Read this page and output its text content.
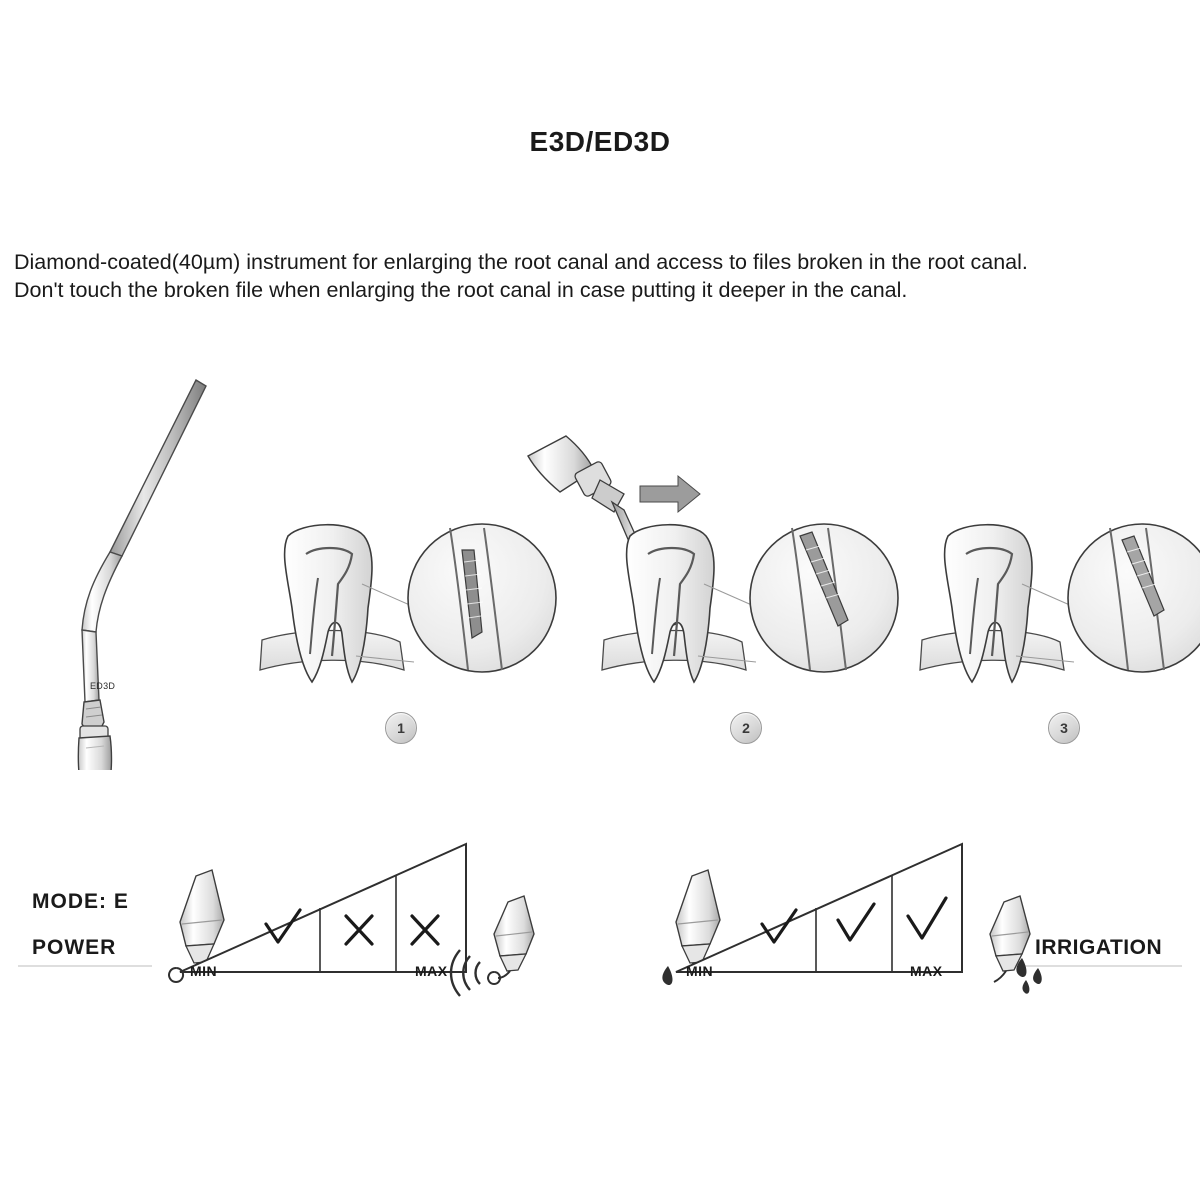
E3D/ED3D

Diamond-coated(40µm) instrument for enlarging the root canal and access to files broken in the root canal.

Don't touch the broken file when enlarging the root canal in case putting it deeper in the canal.

ED3D
1	2	3
MODE: E
POWER	IRRIGATION
MIN	MAX	MIN	MAX
